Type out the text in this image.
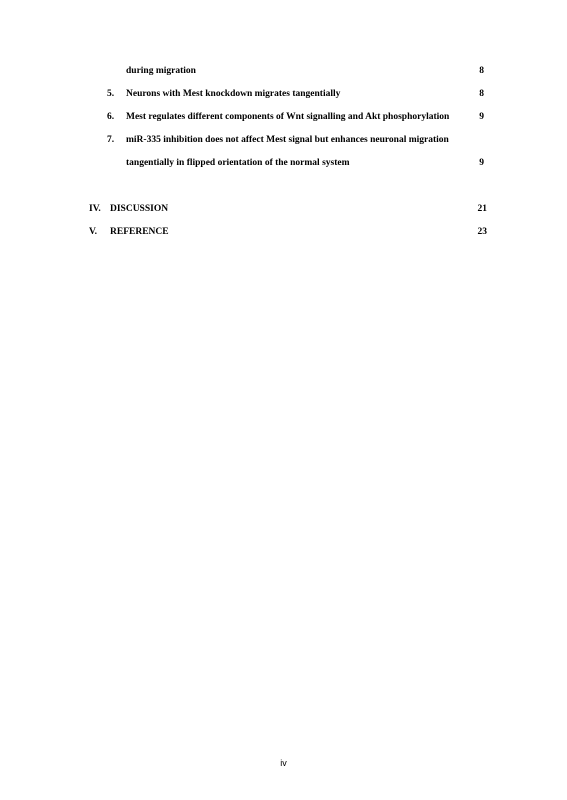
during migration	8
5. Neurons with Mest knockdown migrates tangentially	8
6. Mest regulates different components of Wnt signalling and Akt phosphorylation	9
7. miR-335 inhibition does not affect Mest signal but enhances neuronal migration
tangentially in flipped orientation of the normal system	9
IV. DISCUSSION	21
V. REFERENCE	23
iv
